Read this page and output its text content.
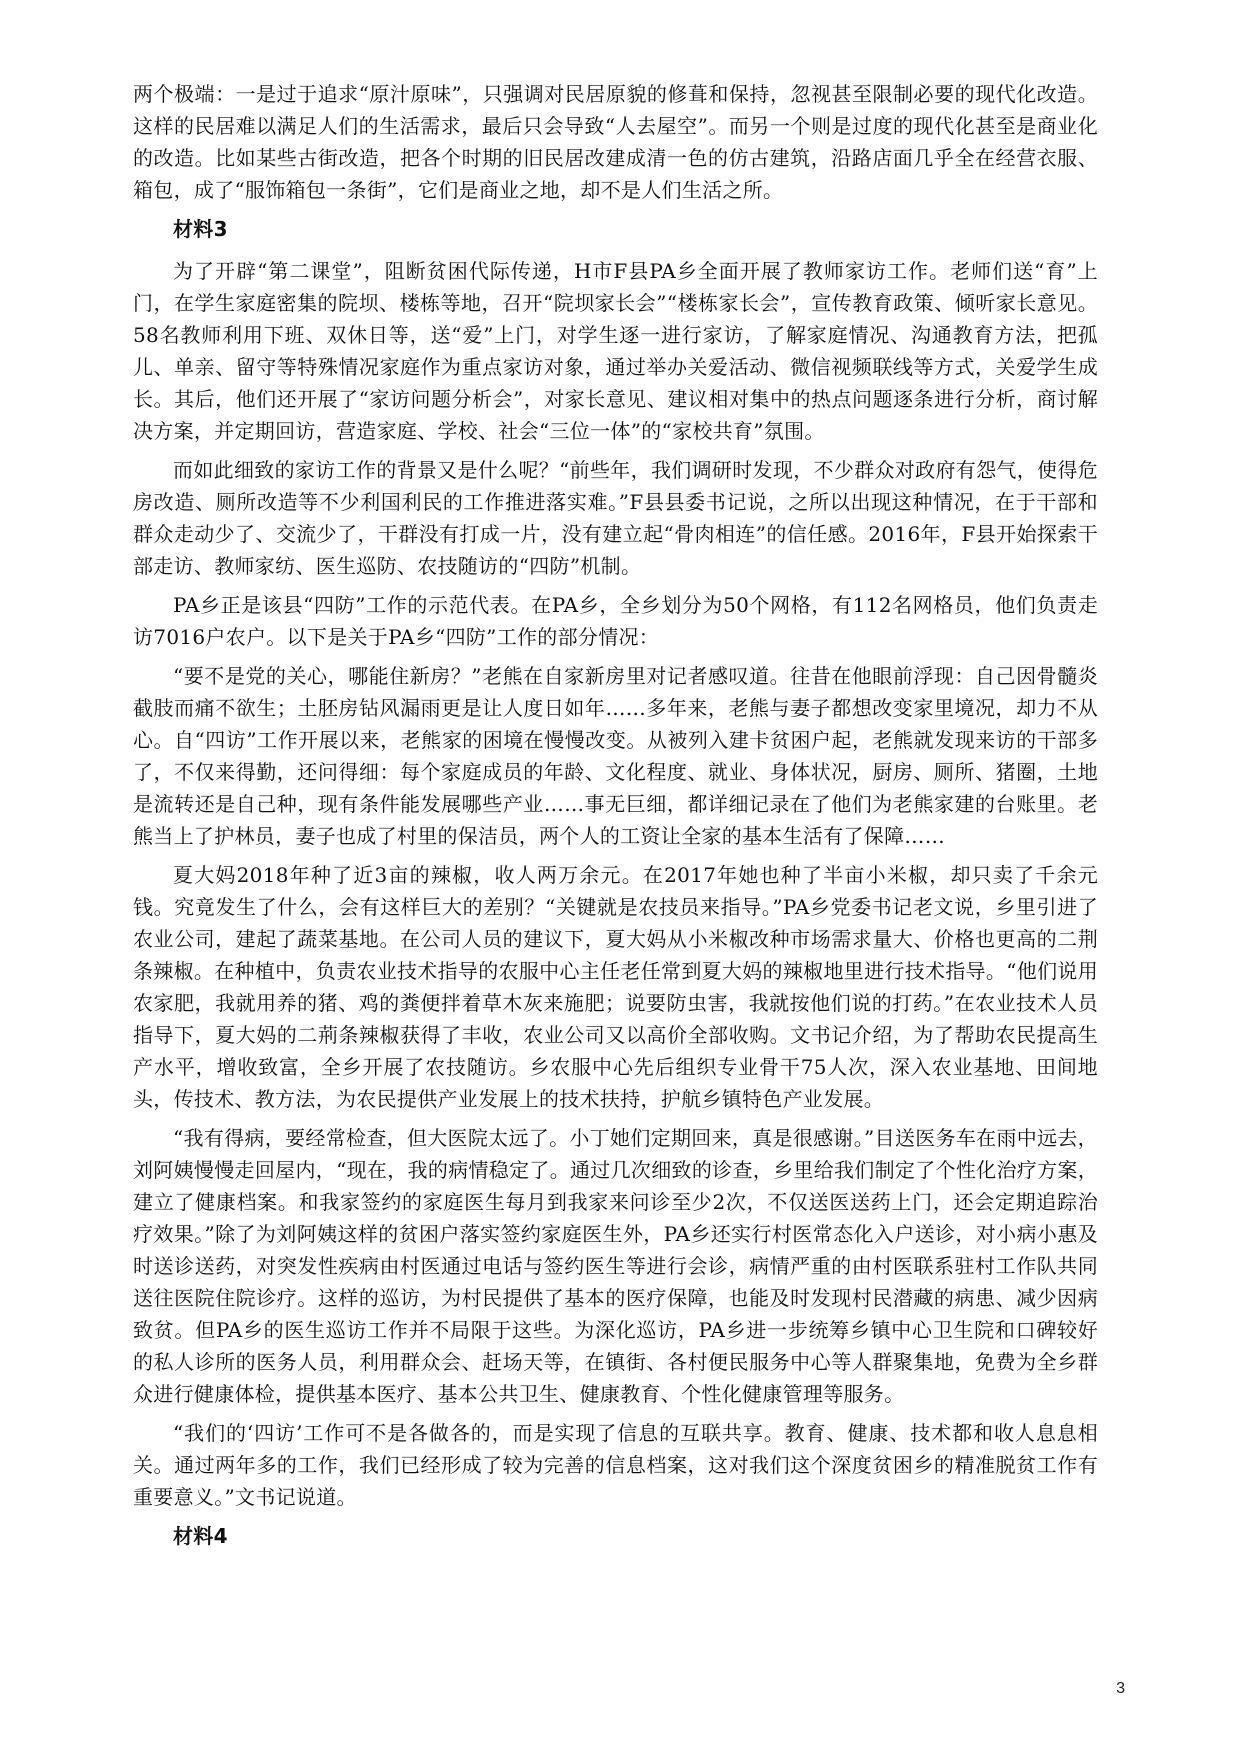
两个极端：一是过于追求“原汁原味”，只强调对民居原貌的修葺和保持，忽视甚至限制必要的现代化改造。这样的民居难以满足人们的生活需求，最后只会导致“人去屋空”。而另一个则是过度的现代化甚至是商业化的改造。比如某些古街改造，把各个时期的旧民居改建成清一色的仿古建筑，沿路店面几乎全在经营衣服、箱包，成了“服饰箱包一条街”，它们是商业之地，却不是人们生活之所。

材料3

为了开辟“第二课堂”，阻断贫困代际传递，H市F县PA乡全面开展了教师家访工作。老师们送“育”上门，在学生家庭密集的院坝、楼栋等地，召开“院坝家长会”“楼栋家长会”，宣传教育政策、倾听家长意见。58名教师利用下班、双休日等，送“爱”上门，对学生逐一进行家访，了解家庭情况、沟通教育方法，把孤儿、单亲、留守等特殊情况家庭作为重点家访对象，通过举办关爱活动、微信视频联线等方式，关爱学生成长。其后，他们还开展了“家访问题分析会”，对家长意见、建议相对集中的热点问题逐条进行分析，商讨解决方案，并定期回访，营造家庭、学校、社会“三位一体”的“家校共育”氛围。

而如此细致的家访工作的背景又是什么呢？“前些年，我们调研时发现，不少群众对政府有怨气，使得危房改造、厕所改造等不少利国利民的工作推进落实难。”F县县委书记说，之所以出现这种情况，在于干部和群众走动少了、交流少了，干群没有打成一片，没有建立起“骨肉相连”的信任感。2016年，F县开始探索干部走访、教师家纺、医生巡防、农技随访的“四防”机制。

PA乡正是该县“四防”工作的示范代表。在PA乡，全乡划分为50个网格，有112名网格员，他们负责走访7016户农户。以下是关于PA乡“四防”工作的部分情况：

“要不是党的关心，哪能住新房？”老熊在自家新房里对记者感叹道。往昔在他眼前浮现：自己因骨髓炎截肢而痛不欲生；土胚房钻风漏雨更是让人度日如年……多年来，老熊与妻子都想改变家里境况，却力不从心。自“四访”工作开展以来，老熊家的困境在慢慢改变。从被列入建卡贫困户起，老熊就发现来访的干部多了，不仅来得勤，还问得细：每个家庭成员的年龄、文化程度、就业、身体状况，厨房、厕所、猪圈，土地是流转还是自己种，现有条件能发展哪些产业……事无巨细，都详细记录在了他们为老熊家建的台账里。老熊当上了护林员，妻子也成了村里的保洁员，两个人的工资让全家的基本生活有了保障……

夏大妈2018年种了近3亩的辣椒，收人两万余元。在2017年她也种了半亩小米椒，却只卖了千余元钱。究竟发生了什么，会有这样巨大的差别？“关键就是农技员来指导。”PA乡党委书记老文说，乡里引进了农业公司，建起了蔬菜基地。在公司人员的建议下，夏大妈从小米椒改种市场需求量大、价格也更高的二荆条辣椒。在种植中，负责农业技术指导的农服中心主任老任常到夏大妈的辣椒地里进行技术指导。“他们说用农家肥，我就用养的猪、鸡的粪便拌着草木灰来施肥；说要防虫害，我就按他们说的打药。”在农业技术人员指导下，夏大妈的二荊条辣椒获得了丰收，农业公司又以高价全部收购。文书记介绍，为了帮助农民提高生产水平，增收致富，全乡开展了农技随访。乡农服中心先后组织专业骨干75人次，深入农业基地、田间地头，传技术、教方法，为农民提供产业发展上的技术扶持，护航乡镇特色产业发展。

“我有得病，要经常检查，但大医院太远了。小丁她们定期回来，真是很感谢。”目送医务车在雨中远去，刘阿姨慢慢走回屋内，“现在，我的病情稳定了。通过几次细致的诊查，乡里给我们制定了个性化治疗方案，建立了健康档案。和我家签约的家庭医生每月到我家来问诊至少2次，不仅送医送药上门，还会定期追踪治疗效果。”除了为刘阿姨这样的贫困户落实签约家庭医生外，PA乡还实行村医常态化入户送诊，对小病小惠及时送诊送药，对突发性疾病由村医通过电话与签约医生等进行会诊，病情严重的由村医联系驻村工作队共同送往医院住院诊疗。这样的巡访，为村民提供了基本的医疗保障，也能及时发现村民潜藏的病患、减少因病致贫。但PA乡的医生巡访工作并不局限于这些。为深化巡访，PA乡进一步统筹乡镇中心卫生院和口碑较好的私人诊所的医务人员，利用群众会、赶场天等，在镇街、各村便民服务中心等人群聚集地，免费为全乡群众进行健康体检，提供基本医疗、基本公共卫生、健康教育、个性化健康管理等服务。

“我们的‘四访’工作可不是各做各的，而是实现了信息的互联共享。教育、健康、技术都和收人息息相关。通过两年多的工作，我们已经形成了较为完善的信息档案，这对我们这个深度贫困乡的精准脱贫工作有重要意义。”文书记说道。

材料4

3
